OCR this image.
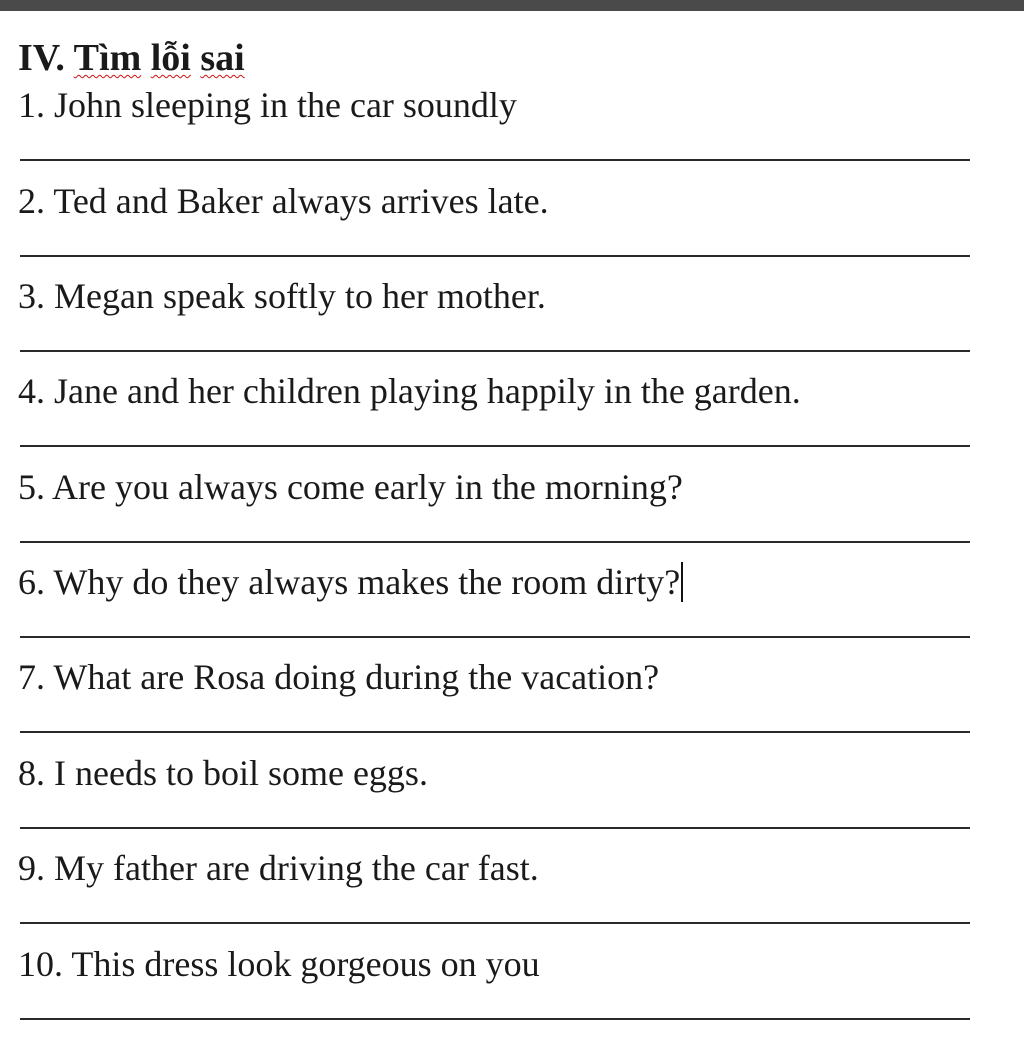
IV. Tìm lỗi sai
1. John sleeping in the car soundly
2. Ted and Baker always arrives late.
3. Megan speak softly to her mother.
4. Jane and her children playing happily in the garden.
5. Are you always come early in the morning?
6. Why do they always makes the room dirty?
7. What are Rosa doing during the vacation?
8. I needs to boil some eggs.
9. My father are driving the car fast.
10. This dress look gorgeous on you
